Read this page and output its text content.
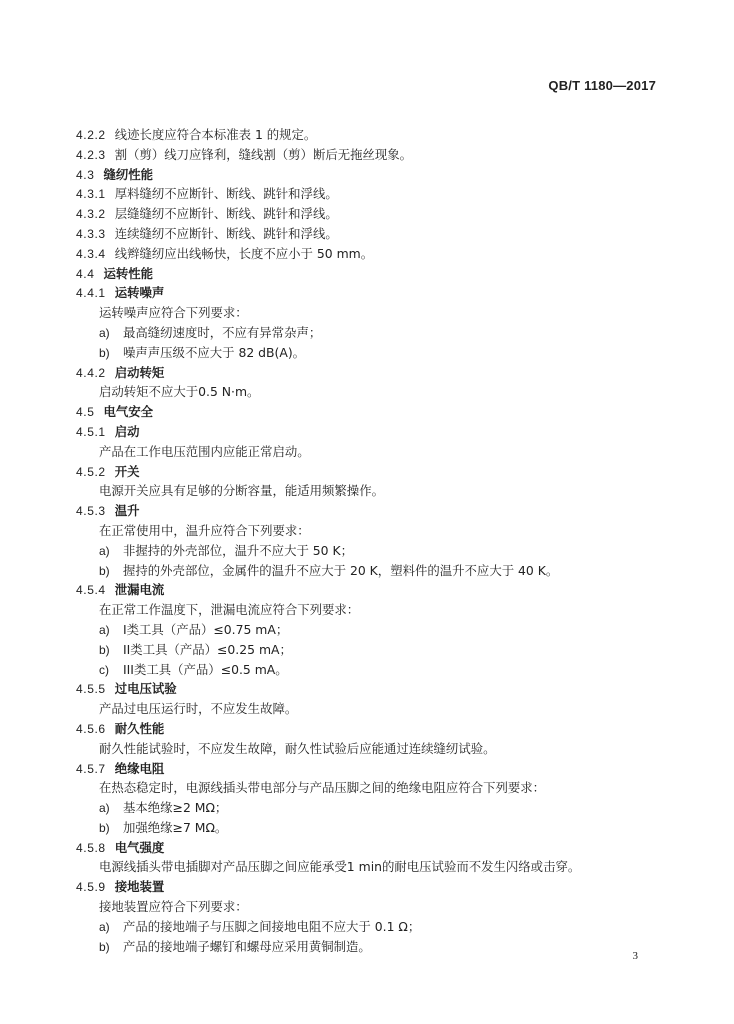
QB/T 1180—2017
4.2.2 线迹长度应符合本标准表 1 的规定。
4.2.3 割（剪）线刀应锋利，缝线割（剪）断后无拖丝现象。
4.3 缝纫性能
4.3.1 厚料缝纫不应断针、断线、跳针和浮线。
4.3.2 层缝缝纫不应断针、断线、跳针和浮线。
4.3.3 连续缝纫不应断针、断线、跳针和浮线。
4.3.4 线辫缝纫应出线畅快，长度不应小于 50 mm。
4.4 运转性能
4.4.1 运转噪声
运转噪声应符合下列要求：
a) 最高缝纫速度时，不应有异常杂声；
b) 噪声声压级不应大于 82 dB(A)。
4.4.2 启动转矩
启动转矩不应大于0.5 N·m。
4.5 电气安全
4.5.1 启动
产品在工作电压范围内应能正常启动。
4.5.2 开关
电源开关应具有足够的分断容量，能适用频繁操作。
4.5.3 温升
在正常使用中，温升应符合下列要求：
a) 非握持的外壳部位，温升不应大于 50 K；
b) 握持的外壳部位，金属件的温升不应大于 20 K，塑料件的温升不应大于 40 K。
4.5.4 泄漏电流
在正常工作温度下，泄漏电流应符合下列要求：
a) I类工具（产品）≤0.75 mA；
b) II类工具（产品）≤0.25 mA；
c) III类工具（产品）≤0.5 mA。
4.5.5 过电压试验
产品过电压运行时，不应发生故障。
4.5.6 耐久性能
耐久性能试验时，不应发生故障，耐久性试验后应能通过连续缝纫试验。
4.5.7 绝缘电阻
在热态稳定时，电源线插头带电部分与产品压脚之间的绝缘电阻应符合下列要求：
a) 基本绝缘≥2 MΩ；
b) 加强绝缘≥7 MΩ。
4.5.8 电气强度
电源线插头带电插脚对产品压脚之间应能承受1 min的耐电压试验而不发生闪络或击穿。
4.5.9 接地装置
接地装置应符合下列要求：
a) 产品的接地端子与压脚之间接地电阻不应大于 0.1 Ω；
b) 产品的接地端子螺钉和螺母应采用黄铜制造。
3
